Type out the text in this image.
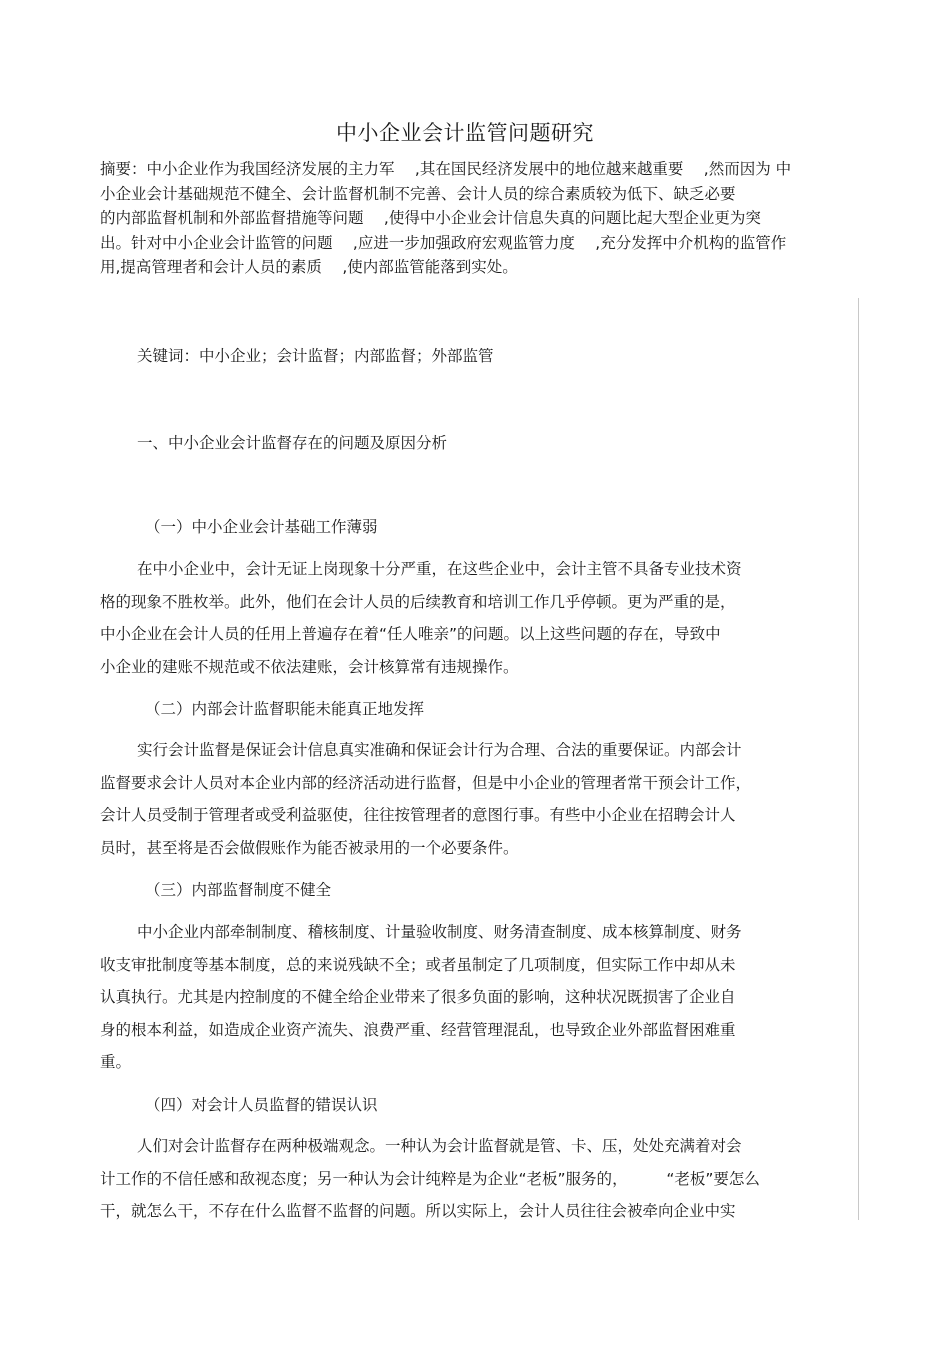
中小企业会计监管问题研究
摘要：中小企业作为我国经济发展的主力军　 ,其在国民经济发展中的地位越来越重要　 ,然而因为 中
小企业会计基础规范不健全、会计监督机制不完善、会计人员的综合素质较为低下、缺乏必要
的内部监督机制和外部监督措施等问题　 ,使得中小企业会计信息失真的问题比起大型企业更为突
出。针对中小企业会计监管的问题　 ,应进一步加强政府宏观监管力度　 ,充分发挥中介机构的监管作
用,提高管理者和会计人员的素质　 ,使内部监管能落到实处。
关键词：中小企业；会计监督；内部监督；外部监管
一、中小企业会计监督存在的问题及原因分析
（一）中小企业会计基础工作薄弱
在中小企业中，会计无证上岗现象十分严重，在这些企业中，会计主管不具备专业技术资
格的现象不胜枚举。此外，他们在会计人员的后续教育和培训工作几乎停顿。更为严重的是，
中小企业在会计人员的任用上普遍存在着“任人唯亲”的问题。以上这些问题的存在，导致中
小企业的建账不规范或不依法建账，会计核算常有违规操作。
（二）内部会计监督职能未能真正地发挥
实行会计监督是保证会计信息真实准确和保证会计行为合理、合法的重要保证。内部会计
监督要求会计人员对本企业内部的经济活动进行监督，但是中小企业的管理者常干预会计工作，
会计人员受制于管理者或受利益驱使，往往按管理者的意图行事。有些中小企业在招聘会计人
员时，甚至将是否会做假账作为能否被录用的一个必要条件。
（三）内部监督制度不健全
中小企业内部牵制制度、稽核制度、计量验收制度、财务清查制度、成本核算制度、财务
收支审批制度等基本制度，总的来说残缺不全；或者虽制定了几项制度，但实际工作中却从未
认真执行。尤其是内控制度的不健全给企业带来了很多负面的影响，这种状况既损害了企业自
身的根本利益，如造成企业资产流失、浪费严重、经营管理混乱，也导致企业外部监督困难重
重。
（四）对会计人员监督的错误认识
人们对会计监督存在两种极端观念。一种认为会计监督就是管、卡、压，处处充满着对会
计工作的不信任感和敌视态度；另一种认为会计纯粹是为企业“老板”服务的，　　　“老板”要怎么
干，就怎么干，不存在什么监督不监督的问题。所以实际上，会计人员往往会被牵向企业中实
